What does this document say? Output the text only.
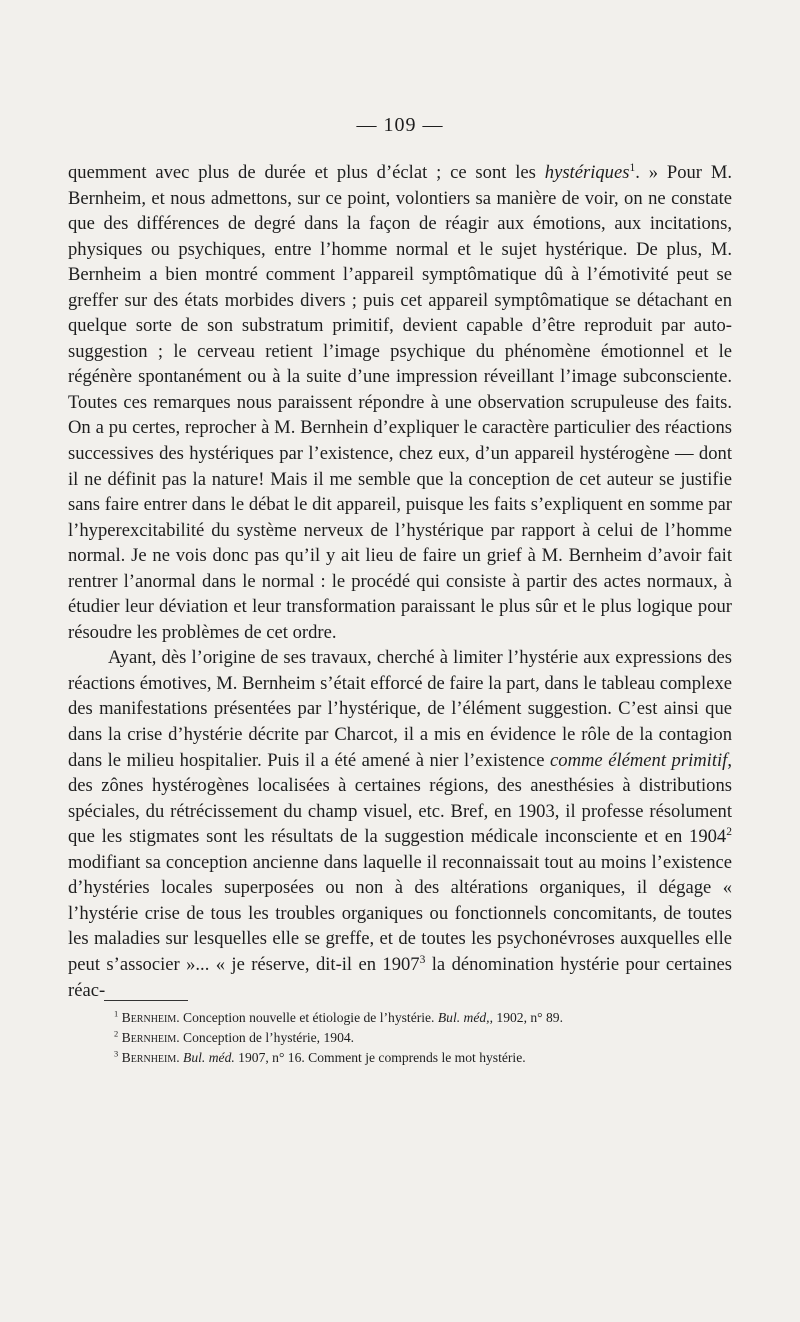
— 109 —

quemment avec plus de durée et plus d’éclat ; ce sont les hystériques$^1$. » Pour M. Bernheim, et nous admettons, sur ce point, volontiers sa manière de voir, on ne constate que des différences de degré dans la façon de réagir aux émotions, aux incitations, physiques ou psychiques, entre l’homme normal et le sujet hystérique. De plus, M. Bernheim a bien montré comment l’appareil symptômatique dû à l’émotivité peut se greffer sur des états morbides divers ; puis cet appareil symptômatique se détachant en quelque sorte de son substratum primitif, devient capable d’être reproduit par auto-suggestion ; le cerveau retient l’image psychique du phénomène émotionnel et le régénère spontanément ou à la suite d’une impression réveillant l’image subconsciente. Toutes ces remarques nous paraissent répondre à une observation scrupuleuse des faits. On a pu certes, reprocher à M. Bernhein d’expliquer le caractère particulier des réactions successives des hystériques par l’existence, chez eux, d’un appareil hystérogène — dont il ne définit pas la nature! Mais il me semble que la conception de cet auteur se justifie sans faire entrer dans le débat le dit appareil, puisque les faits s’expliquent en somme par l’hyperexcitabilité du système nerveux de l’hystérique par rapport à celui de l’homme normal. Je ne vois donc pas qu’il y ait lieu de faire un grief à M. Bernheim d’avoir fait rentrer l’anormal dans le normal : le procédé qui consiste à partir des actes normaux, à étudier leur déviation et leur transformation paraissant le plus sûr et le plus logique pour résoudre les problèmes de cet ordre.

Ayant, dès l’origine de ses travaux, cherché à limiter l’hystérie aux expressions des réactions émotives, M. Bernheim s’était efforcé de faire la part, dans le tableau complexe des manifestations présentées par l’hystérique, de l’élément suggestion. C’est ainsi que dans la crise d’hystérie décrite par Charcot, il a mis en évidence le rôle de la contagion dans le milieu hospitalier. Puis il a été amené à nier l’existence comme élément primitif, des zônes hystérogènes localisées à certaines régions, des anesthésies à distributions spéciales, du rétrécissement du champ visuel, etc. Bref, en 1903, il professe résolument que les stigmates sont les résultats de la suggestion médicale inconsciente et en 1904$^2$ modifiant sa conception ancienne dans laquelle il reconnaissait tout au moins l’existence d’hystéries locales superposées ou non à des altérations organiques, il dégage « l’hystérie crise de tous les troubles organiques ou fonctionnels concomitants, de toutes les maladies sur lesquelles elle se greffe, et de toutes les psychonévroses auxquelles elle peut s’associer »... « je réserve, dit-il en 1907$^3$ la dénomination hystérie pour certaines réac-

$^1$ Bernheim. Conception nouvelle et étiologie de l’hystérie. Bul. méd,, 1902, n° 89.

$^2$ Bernheim. Conception de l’hystérie, 1904.

$^3$ Bernheim. Bul. méd. 1907, n° 16. Comment je comprends le mot hystérie.
